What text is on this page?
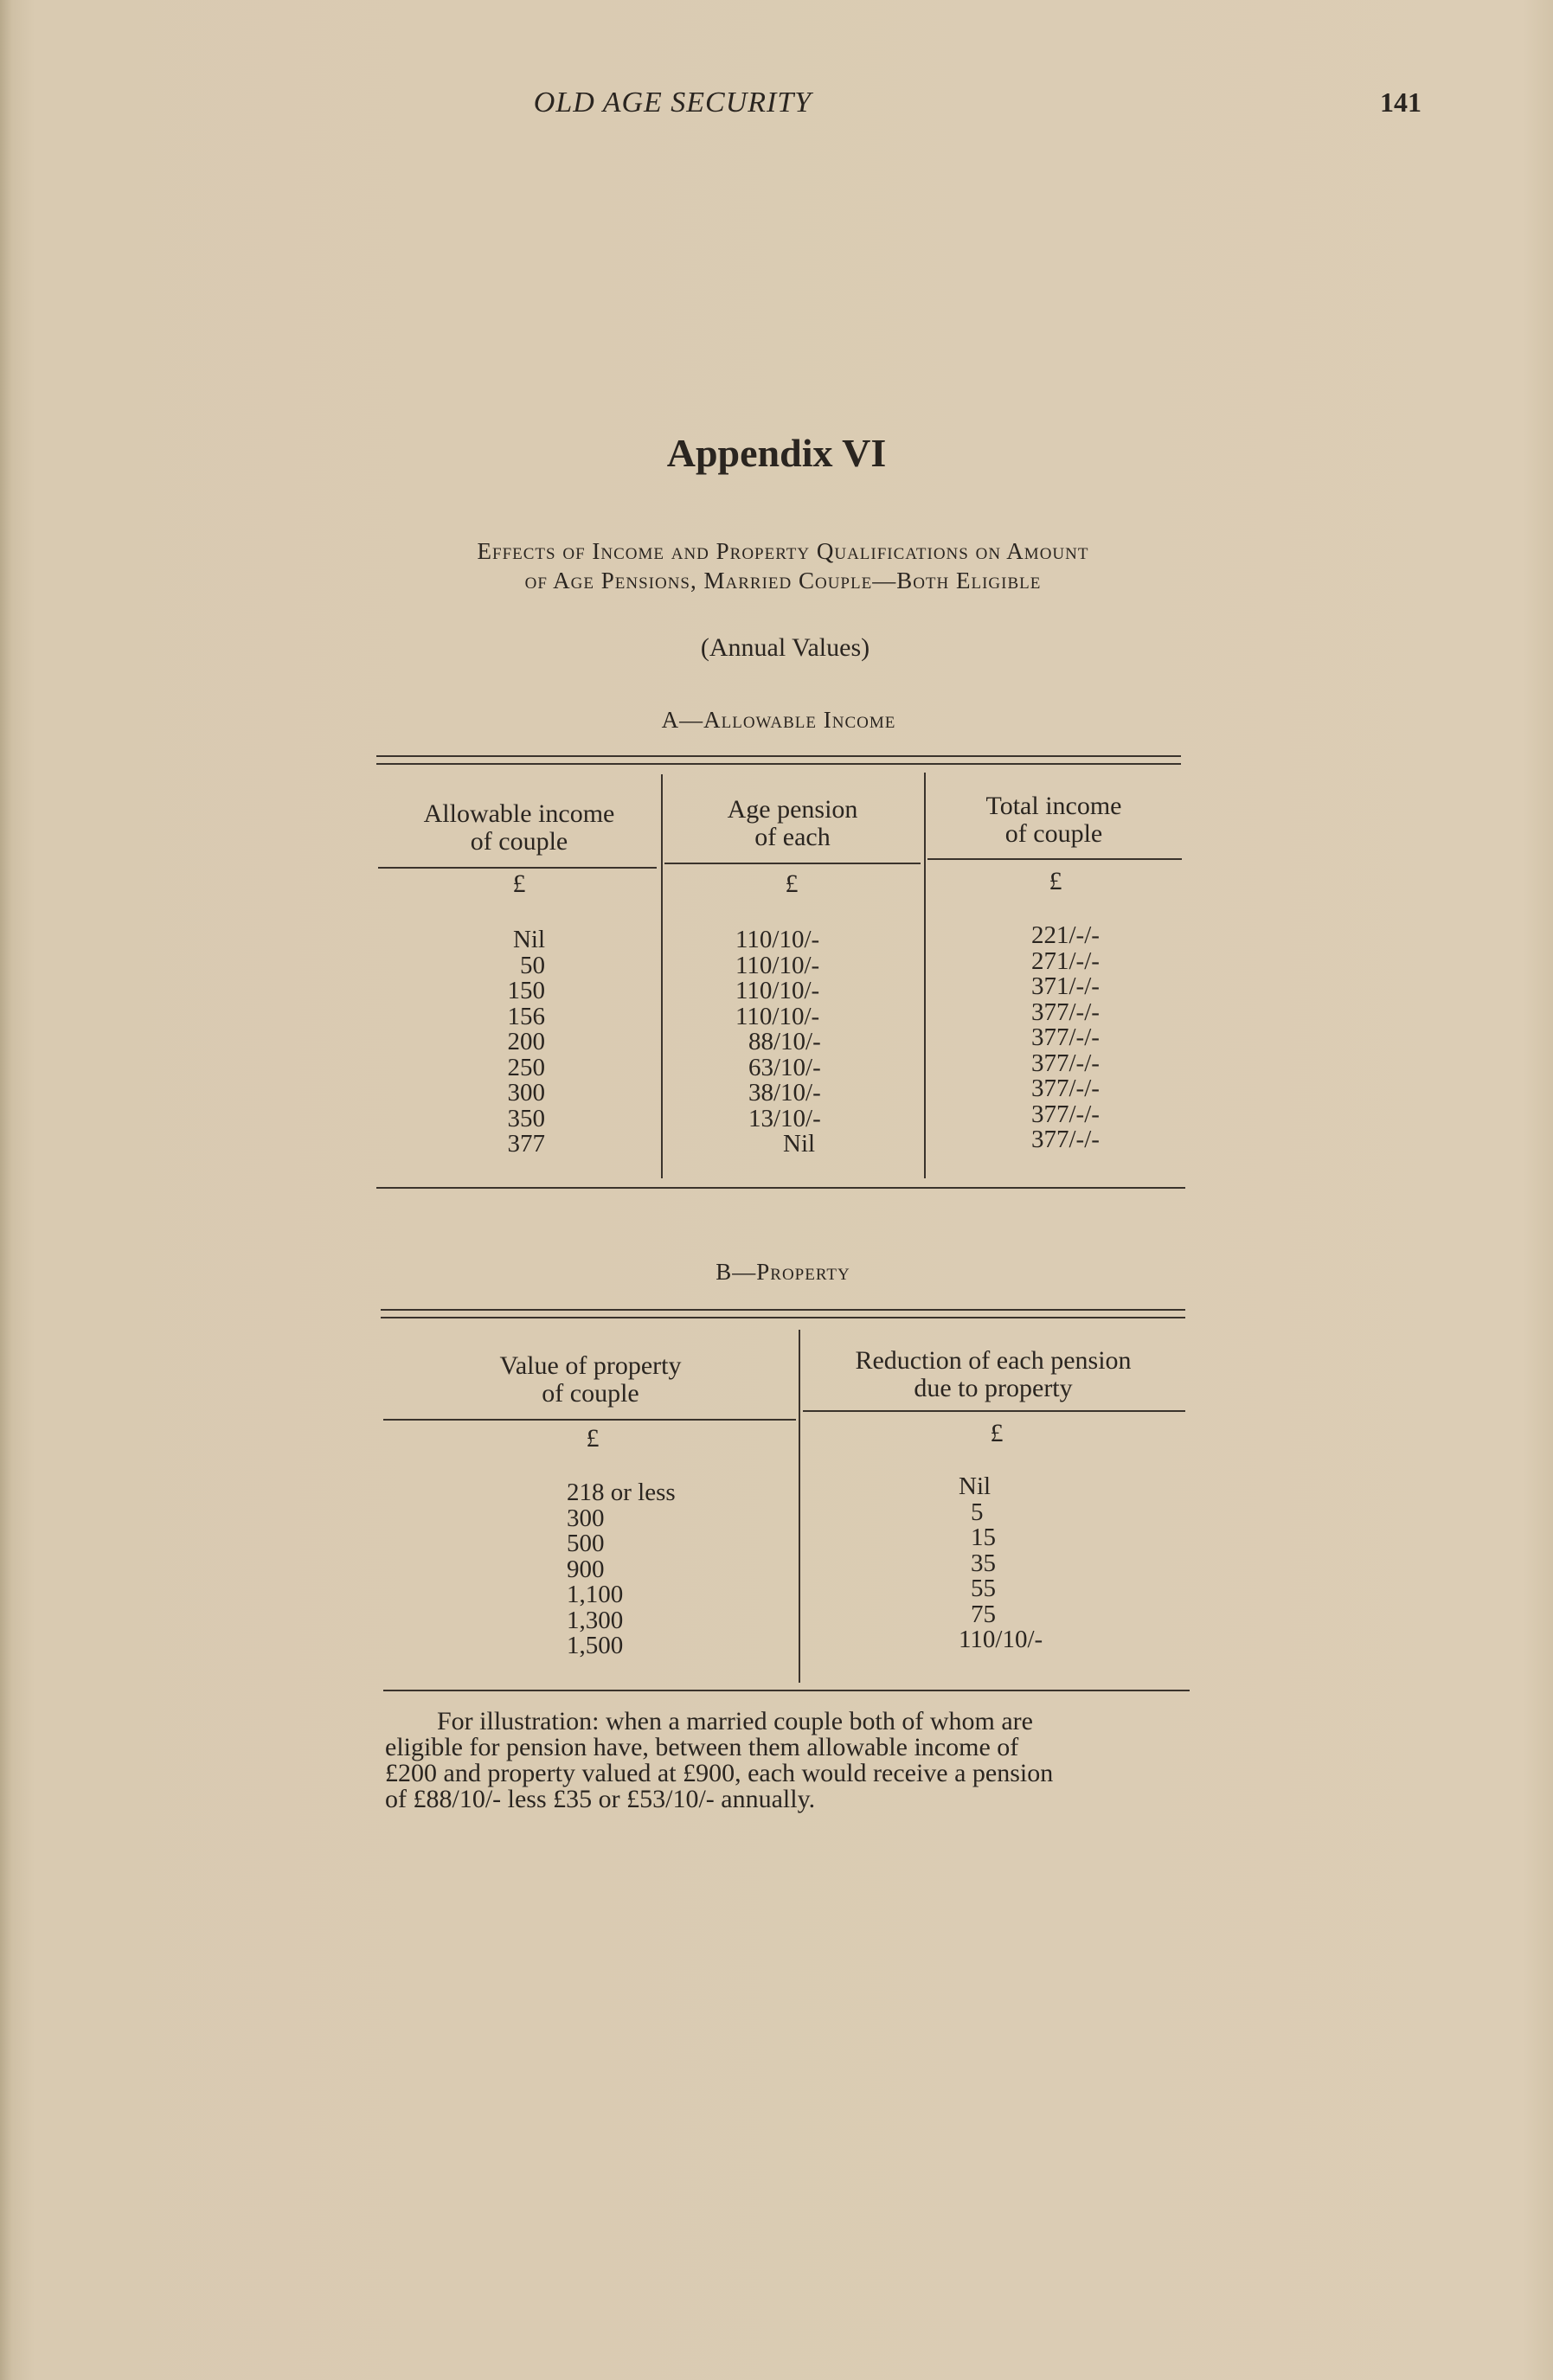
OLD AGE SECURITY	141
Appendix VI
Effects of Income and Property Qualifications on Amount
of Age Pensions, Married Couple—Both Eligible
(Annual Values)
A—Allowable Income
Allowable income
of couple
£
Nil
50
150
156
200
250
300
350
377
Age pension
of each
£
110/10/-
110/10/-
110/10/-
110/10/-
88/10/-
63/10/-
38/10/-
13/10/-
Nil
Total income
of couple
£
221/-/-
271/-/-
371/-/-
377/-/-
377/-/-
377/-/-
377/-/-
377/-/-
377/-/-
B—Property
Value of property
of couple
£
218 or less
300
500
900
1,100
1,300
1,500
Reduction of each pension
due to property
£
Nil
5
15
35
55
75
110/10/-
For illustration: when a married couple both of whom are
eligible for pension have, between them allowable income of
£200 and property valued at £900, each would receive a pension
of £88/10/- less £35 or £53/10/- annually.
